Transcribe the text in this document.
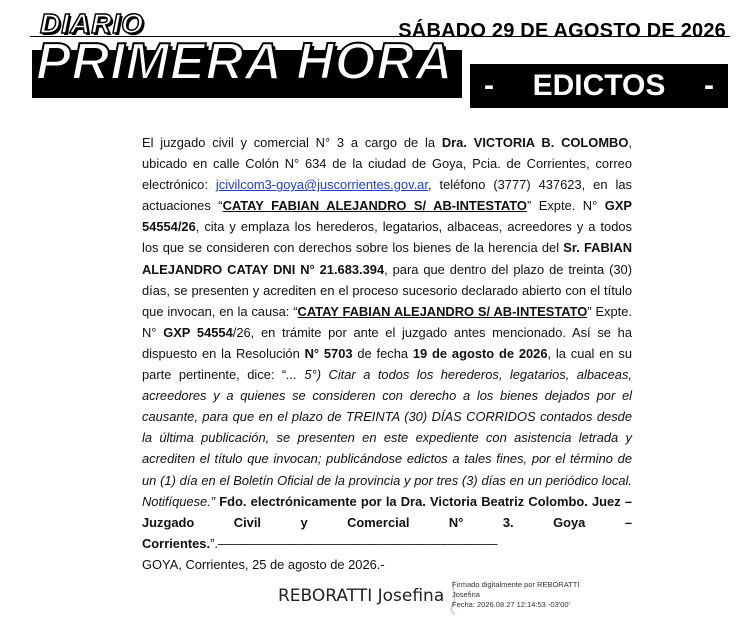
DIARIO	SÁBADO 29 DE AGOSTO DE 2026
PRIMERA HORA - EDICTOS -
El juzgado civil y comercial N° 3 a cargo de la Dra. VICTORIA B. COLOMBO, ubicado en calle Colón N° 634 de la ciudad de Goya, Pcia. de Corrientes, correo electrónico: jcivilcom3-goya@juscorrientes.gov.ar, teléfono (3777) 437623, en las actuaciones “CATAY FABIAN ALEJANDRO S/ AB-INTESTATO” Expte. N° GXP 54554/26, cita y emplaza los herederos, legatarios, albaceas, acreedores y a todos los que se consideren con derechos sobre los bienes de la herencia del Sr. FABIAN ALEJANDRO CATAY DNI N° 21.683.394, para que dentro del plazo de treinta (30) días, se presenten y acrediten en el proceso sucesorio declarado abierto con el título que invocan, en la causa: “CATAY FABIAN ALEJANDRO S/ AB-INTESTATO” Expte. N° GXP 54554/26, en trámite por ante el juzgado antes mencionado. Así se ha dispuesto en la Resolución N° 5703 de fecha 19 de agosto de 2026, la cual en su parte pertinente, dice: “... 5°) Citar a todos los herederos, legatarios, albaceas, acreedores y a quienes se consideren con derecho a los bienes dejados por el causante, para que en el plazo de TREINTA (30) DÍAS CORRIDOS contados desde la última publicación, se presenten en este expediente con asistencia letrada y acrediten el título que invocan; publicándose edictos a tales fines, por el término de un (1) día en el Boletín Oficial de la provincia y por tres (3) días en un periódico local. Notifíquese.” Fdo. electrónicamente por la Dra. Victoria Beatriz Colombo. Juez – Juzgado Civil y Comercial N° 3. Goya – Corrientes.”.–––––––––––––––––––––––––––––––––––––––
GOYA, Corrientes, 25 de agosto de 2026.-
REBORATTI Josefina
Firmado digitalmente por REBORATTI
Josefina
Fecha: 2026.08.27 12:14:53 -03'00'
